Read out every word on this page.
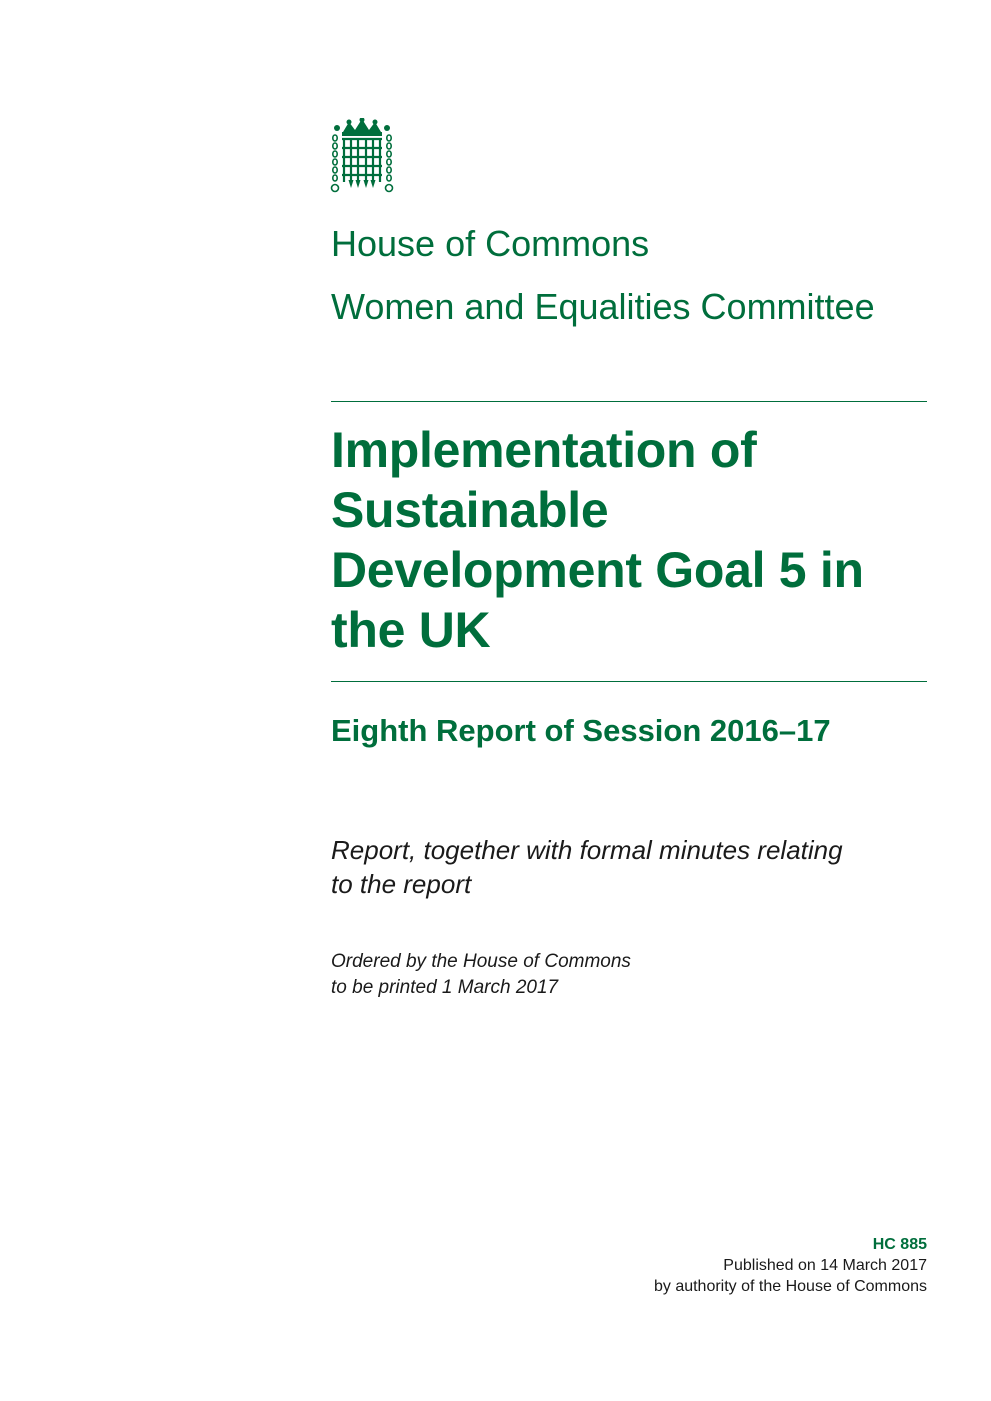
House of Commons
Women and Equalities Committee
Implementation of Sustainable Development Goal 5 in the UK
Eighth Report of Session 2016–17

Report, together with formal minutes relating to the report

Ordered by the House of Commons
to be printed 1 March 2017

HC 885
Published on 14 March 2017
by authority of the House of Commons
